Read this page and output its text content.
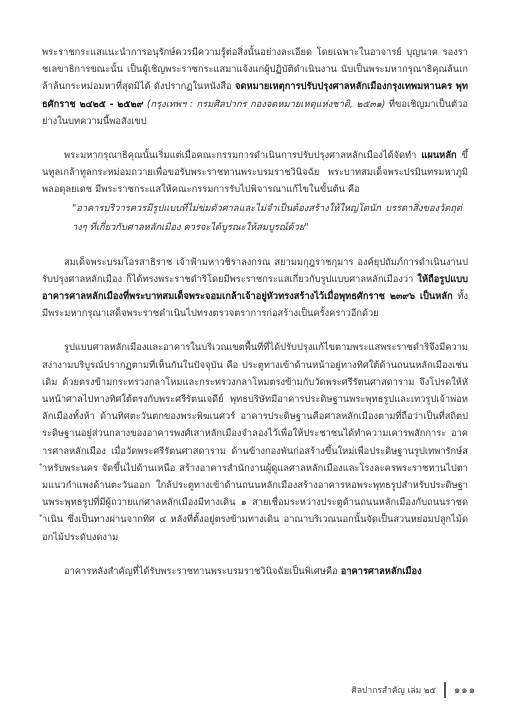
พระราชกระแสแนะนำการอนุรักษ์ควรมีความรู้ต่อสิ่งนั้นอย่างละเอียด โดยเฉพาะในอาจารย์ บุญนาค รองราชเลขาธิการขณะนั้น เป็นผู้เชิญพระราชกระแสมาแจ้งแก่ผู้ปฏิบัติดำเนินงาน นับเป็นพระมหากรุณาธิคุณล้นเกล้าล้นกระหม่อมหาที่สุดมิได้ ดังปรากฏในหนังสือ จดหมายเหตุการปรับปรุงศาลหลักเมืองกรุงเทพมหานคร พุทธศักราช ๒๔๒๕ - ๒๕๒๙ (กรุงเทพฯ : กรมศิลปากร กองจดหมายเหตุแห่งชาติ, ๒๕๓๑) ที่ขอเชิญมาเป็นตัวอย่างในบทความนี้พอสังเขป

พระมหากรุณาธิคุณนั้นเริ่มแต่เมื่อคณะกรรมการดำเนินการปรับปรุงศาลหลักเมืองได้จัดทำ แผนหลัก ขึ้นทูลเกล้าทูลกระหม่อมถวายเพื่อขอรับพระราชทานพระบรมราชวินิจฉัย พระบาทสมเด็จพระปรมินทรมหาภูมิพลอดุลยเดช มีพระราชกระแสให้คณะกรรมการรับไปพิจารณาแก้ไขในขั้นต้น คือ

"อาคารบริวารควรมีรูปแบบที่ไม่ข่มตัวศาลและไม่จำเป็นต้องสร้างให้ใหญ่โตนัก บรรดาสิ่งของวัตถุต่างๆ ที่เกี่ยวกับศาลหลักเมือง ควรจะได้บูรณะให้สมบูรณ์ด้วย"

สมเด็จพระบรมโอรสาธิราช เจ้าฟ้ามหาวชิราลงกรณ สยามมกุฎราชกุมาร องค์ยุปถัมภ์การดำเนินงานปรับปรุงศาลหลักเมือง ก็ได้ทรงพระราชดำริโดยมีพระราชกระแสเกี่ยวกับรูปแบบศาลหลักเมืองว่า ให้ถือรูปแบบอาคารศาลหลักเมืองที่พระบาทสมเด็จพระจอมเกล้าเจ้าอยู่หัวทรงสร้างไว้เมื่อพุทธศักราช ๒๓๙๖ เป็นหลัก ทั้งมีพระมหากรุณาเสด็จพระราชดำเนินไปทรงตรวจตราการก่อสร้างเป็นครั้งคราวอีกด้วย

รูปแบบศาลหลักเมืองและอาคารในบริเวณเขตพื้นที่ที่ได้ปรับปรุงแก้ไขตามพระแสพระราชดำริจึงมีความสง่างามบริบูรณ์ปรากฏตามที่เห็นกันในปัจจุบัน คือ ประตูทางเข้าด้านหน้าอยู่ทางทิศใต้ด้านถนนหลักเมืองเช่นเดิม ด้วยตรงข้ามกระทรวงกลาโหมและกระทรวงกลาโหมตรงข้ามกับวัดพระศรีรัตนศาสดาราม จึงโปรดให้หันหน้าศาลไปทางทิศใต้ตรงกับพระศรีรัตนเจดีย์ พุทธบริษัทมีอาคารประดิษฐานพระพุทธรูปและเทวรูปเจ้าพ่อหลักเมืองทั้งห้า ด้านทิศตะวันตกของพระพิฆเนศวร์ อาคารประดิษฐานคือศาลหลักเมืองตามที่ถือว่าเป็นที่สถิตประดิษฐานอยู่ส่วนกลางของอาคารพงศ์เสาหลักเมืองจำลองไว้เพื่อให้ประชาชนได้ทำความเคารพสักการะ อาคารศาลหลักเมือง เมื่อวัดพระศรีรัตนศาสดาราม ด้านข้างกองพันก่อสร้างขึ้นใหม่เพื่อประดิษฐานรูปเทพารักษ์สำหรับพระนคร จัดขึ้นไปด้านเหนือ สร้างอาคารสำนักงานผู้ดูแลศาลหลักเมืองและโรงละครพระราชทานไปตามแนวกำแพงด้านตะวันออก ใกล้ประตูทางเข้าด้านถนนหลักเมืองสร้างอาคารหอพระพุทธรูปสำหรับประดิษฐานพระพุทธรูปที่มีผู้ถวายแก่ศาลหลักเมืองมีทางเดิน ๑ สายเชื่อมระหว่างประตูด้านถนนหลักเมืองกับถนนราชดำเนิน ซึ่งเป็นทางผ่านจากทิศ ๔ หลังที่ตั้งอยู่ตรงข้ามทางเดิน อาณาบริเวณนอกนั้นจัดเป็นสวนหย่อมปลูกไม้ดอกไม้ประดับงดงาม

อาคารหลังสำคัญที่ได้รับพระราชทานพระบรมราชวินิจฉัยเป็นพิเศษคือ อาคารศาลหลักเมือง

ศิลปากรสำคัญ เล่ม ๒๕ ๑๑๑
